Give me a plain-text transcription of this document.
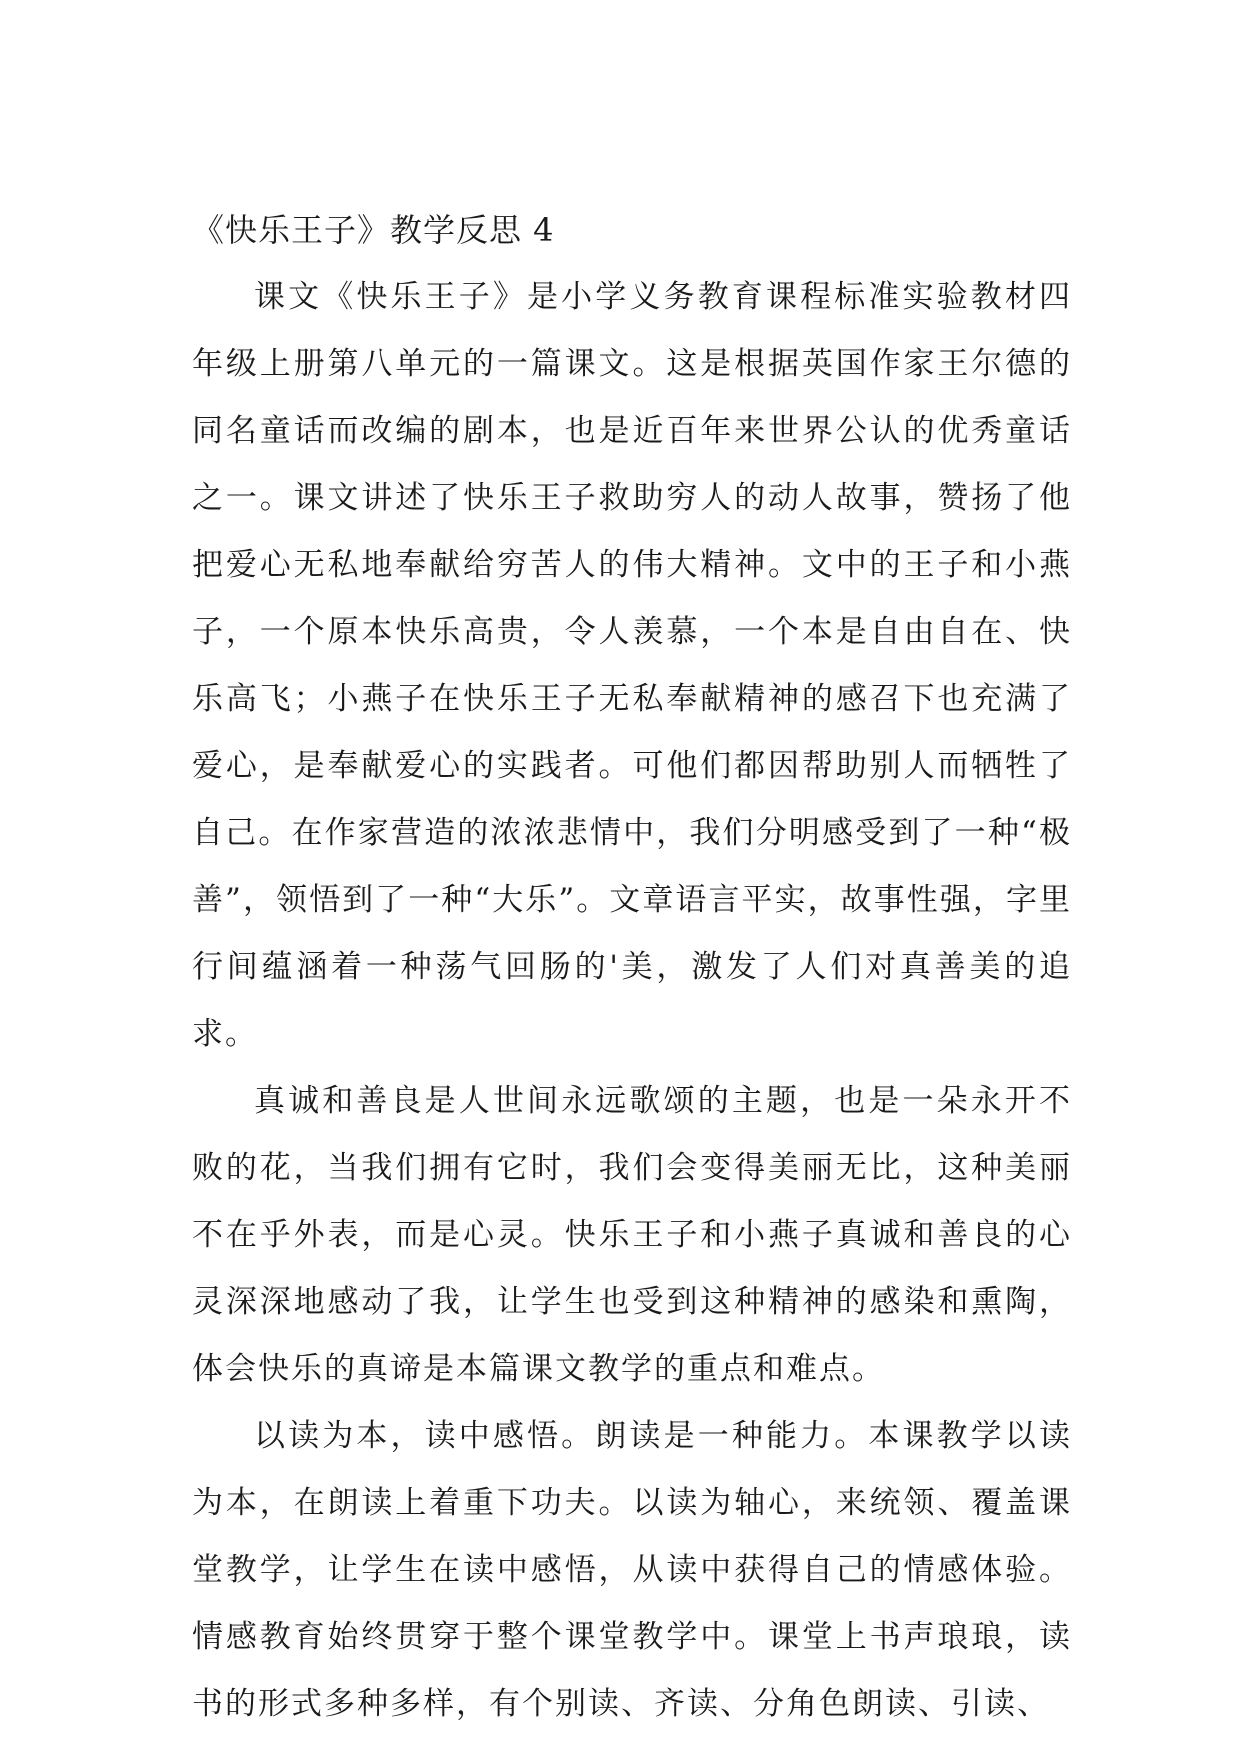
《快乐王子》教学反思 4

课文《快乐王子》是小学义务教育课程标准实验教材四年级上册第八单元的一篇课文。这是根据英国作家王尔德的同名童话而改编的剧本，也是近百年来世界公认的优秀童话之一。课文讲述了快乐王子救助穷人的动人故事，赞扬了他把爱心无私地奉献给穷苦人的伟大精神。文中的王子和小燕子，一个原本快乐高贵，令人羡慕，一个本是自由自在、快乐高飞；小燕子在快乐王子无私奉献精神的感召下也充满了爱心，是奉献爱心的实践者。可他们都因帮助别人而牺牲了自己。在作家营造的浓浓悲情中，我们分明感受到了一种“极善”，领悟到了一种“大乐”。文章语言平实，故事性强，字里行间蕴涵着一种荡气回肠的'美，激发了人们对真善美的追求。

真诚和善良是人世间永远歌颂的主题，也是一朵永开不败的花，当我们拥有它时，我们会变得美丽无比，这种美丽不在乎外表，而是心灵。快乐王子和小燕子真诚和善良的心灵深深地感动了我，让学生也受到这种精神的感染和熏陶，体会快乐的真谛是本篇课文教学的重点和难点。

以读为本，读中感悟。朗读是一种能力。本课教学以读为本，在朗读上着重下功夫。以读为轴心，来统领、覆盖课堂教学，让学生在读中感悟，从读中获得自己的情感体验。情感教育始终贯穿于整个课堂教学中。课堂上书声琅琅，读书的形式多种多样，有个别读、齐读、分角色朗读、引读、
